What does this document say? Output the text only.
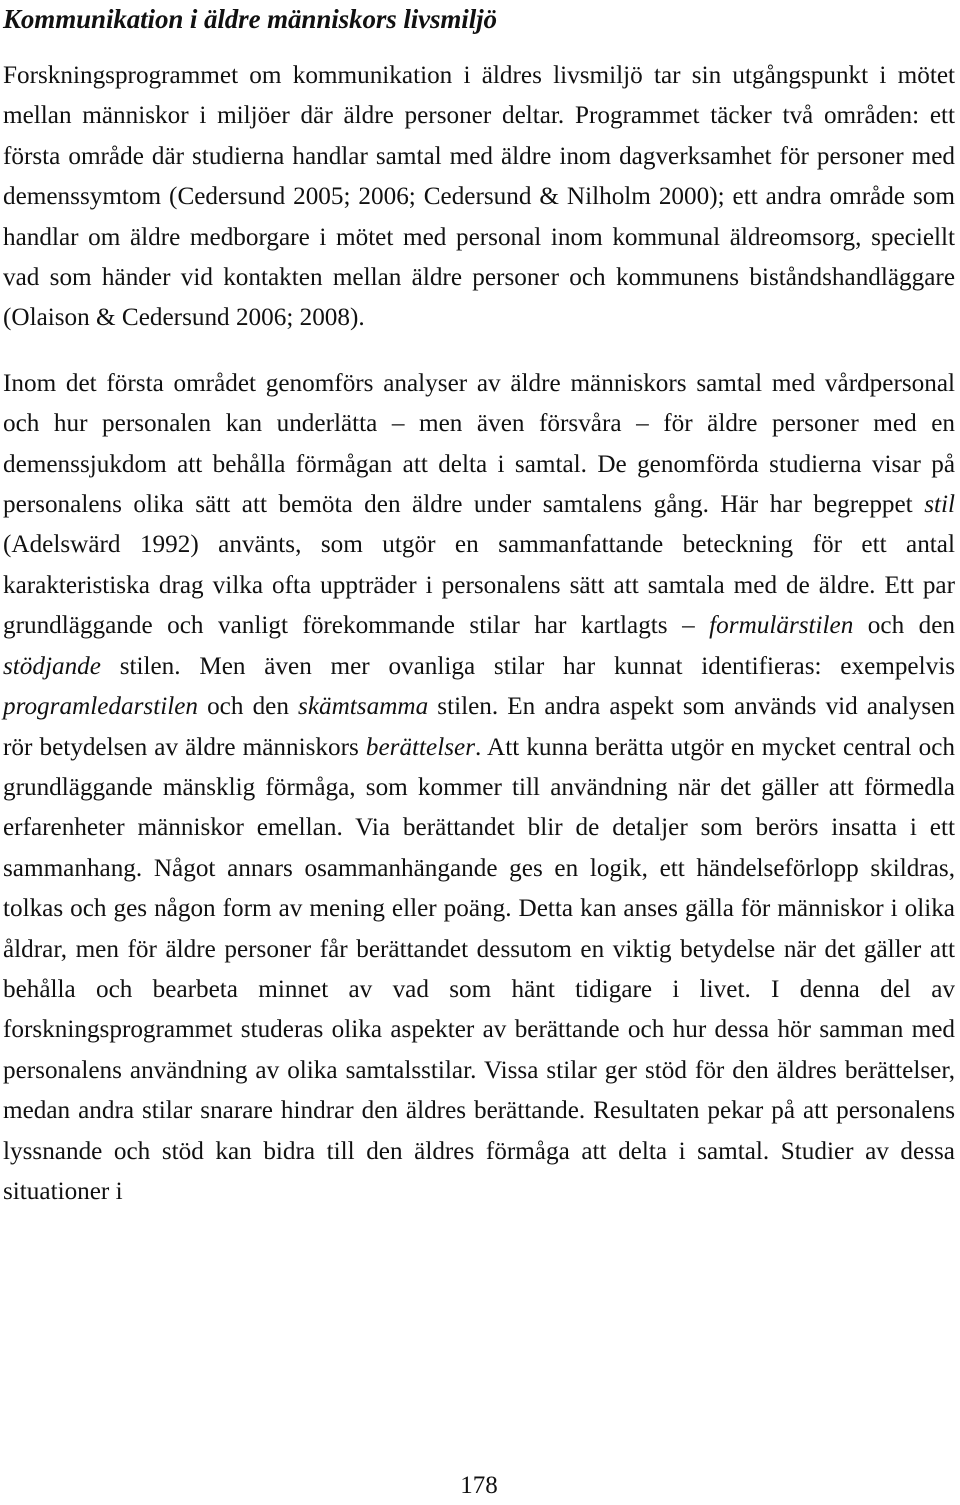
Kommunikation i äldre människors livsmiljö

Forskningsprogrammet om kommunikation i äldres livsmiljö tar sin utgångspunkt i mötet mellan människor i miljöer där äldre personer deltar. Programmet täcker två områden: ett första område där studierna handlar samtal med äldre inom dagverksamhet för personer med demenssymtom (Cedersund 2005; 2006; Cedersund & Nilholm 2000); ett andra område som handlar om äldre medborgare i mötet med personal inom kommunal äldreomsorg, speciellt vad som händer vid kontakten mellan äldre personer och kommunens biståndshandläggare (Olaison & Cedersund 2006; 2008).

Inom det första området genomförs analyser av äldre människors samtal med vårdpersonal och hur personalen kan underlätta – men även försvåra – för äldre personer med en demenssjukdom att behålla förmågan att delta i samtal. De genomförda studierna visar på personalens olika sätt att bemöta den äldre under samtalens gång. Här har begreppet stil (Adelswärd 1992) använts, som utgör en sammanfattande beteckning för ett antal karakteristiska drag vilka ofta uppträder i personalens sätt att samtala med de äldre. Ett par grundläggande och vanligt förekommande stilar har kartlagts – formulärstilen och den stödjande stilen. Men även mer ovanliga stilar har kunnat identifieras: exempelvis programledarstilen och den skämtsamma stilen. En andra aspekt som används vid analysen rör betydelsen av äldre människors berättelser. Att kunna berätta utgör en mycket central och grundläggande mänsklig förmåga, som kommer till användning när det gäller att förmedla erfarenheter människor emellan. Via berättandet blir de detaljer som berörs insatta i ett sammanhang. Något annars osammanhängande ges en logik, ett händelseförlopp skildras, tolkas och ges någon form av mening eller poäng. Detta kan anses gälla för människor i olika åldrar, men för äldre personer får berättandet dessutom en viktig betydelse när det gäller att behålla och bearbeta minnet av vad som hänt tidigare i livet. I denna del av forskningsprogrammet studeras olika aspekter av berättande och hur dessa hör samman med personalens användning av olika samtalsstilar. Vissa stilar ger stöd för den äldres berättelser, medan andra stilar snarare hindrar den äldres berättande. Resultaten pekar på att personalens lyssnande och stöd kan bidra till den äldres förmåga att delta i samtal. Studier av dessa situationer i

178
